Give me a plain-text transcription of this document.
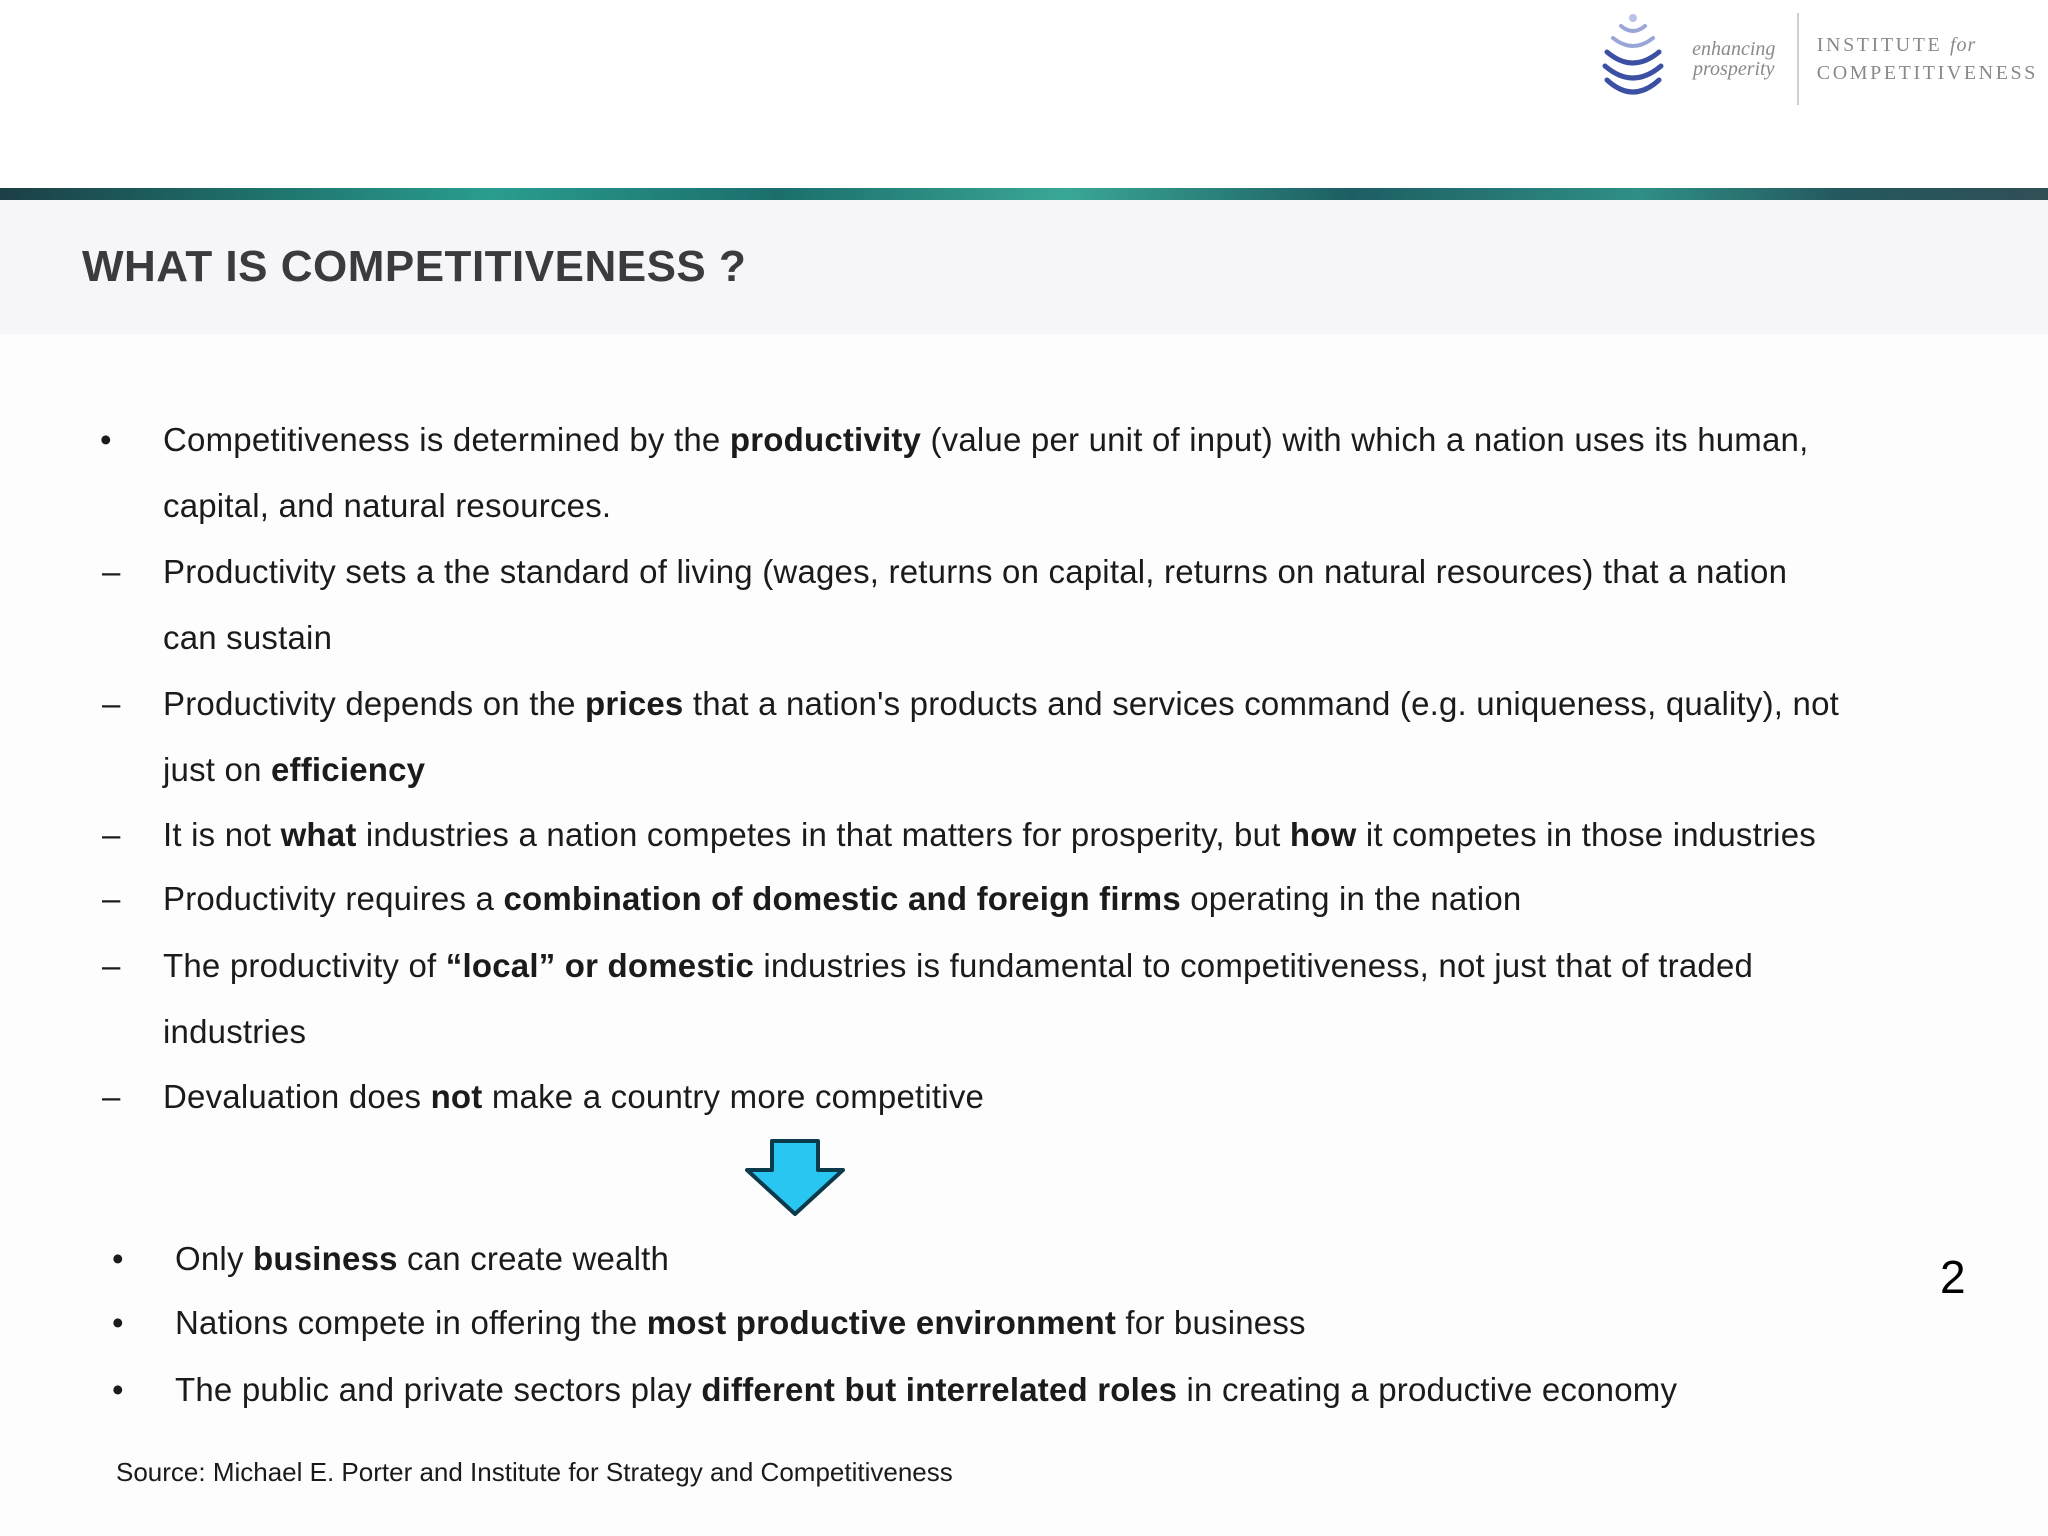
enhancing
prosperity
INSTITUTE for
COMPETITIVENESS
WHAT IS COMPETITIVENESS ?
• Competitiveness is determined by the productivity (value per unit of input) with which a nation uses its human,
capital, and natural resources.
– Productivity sets a the standard of living (wages, returns on capital, returns on natural resources) that a nation
can sustain
– Productivity depends on the prices that a nation's products and services command (e.g. uniqueness, quality), not
just on efficiency
– It is not what industries a nation competes in that matters for prosperity, but how it competes in those industries
– Productivity requires a combination of domestic and foreign firms operating in the nation
– The productivity of “local” or domestic industries is fundamental to competitiveness, not just that of traded
industries
– Devaluation does not make a country more competitive
• Only business can create wealth
• Nations compete in offering the most productive environment for business
• The public and private sectors play different but interrelated roles in creating a productive economy
2
Source: Michael E. Porter and Institute for Strategy and Competitiveness
